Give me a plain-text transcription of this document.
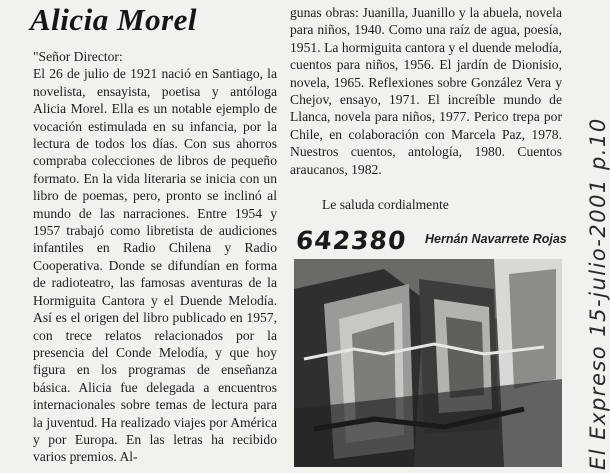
Alicia Morel

"Señor Director:

El 26 de julio de 1921 nació en Santiago, la novelista, ensayista, poetisa y antóloga Alicia Morel. Ella es un notable ejemplo de vocación estimulada en su infancia, por la lectura de todos los días. Con sus ahorros compraba colecciones de libros de pequeño formato. En la vida literaria se inicia con un libro de poemas, pero, pronto se inclinó al mundo de las narraciones. Entre 1954 y 1957 trabajó como libretista de audiciones infantiles en Radio Chilena y Radio Cooperativa. Donde se difundían en forma de radioteatro, las famosas aventuras de la Hormiguita Cantora y el Duende Melodía. Así es el origen del libro publicado en 1957, con trece relatos relacionados por la presencia del Conde Melodía, y que hoy figura en los programas de enseñanza básica. Alicia fue delegada a encuentros internacionales sobre temas de lectura para la juventud. Ha realizado viajes por América y por Europa. En las letras ha recibido varios premios. Al-

gunas obras: Juanilla, Juanillo y la abuela, novela para niños, 1940. Como una raíz de agua, poesía, 1951. La hormiguita cantora y el duende melodía, cuentos para niños, 1956. El jardín de Dionisio, novela, 1965. Reflexiones sobre González Vera y Chejov, ensayo, 1971. El increíble mundo de Llanca, novela para niños, 1977. Perico trepa por Chile, en colaboración con Marcela Paz, 1978. Nuestros cuentos, antología, 1980. Cuentos araucanos, 1982.

Le saluda cordialmente

642380 Hernán Navarrete Rojas El Expreso 15-julio-2001 p.10
